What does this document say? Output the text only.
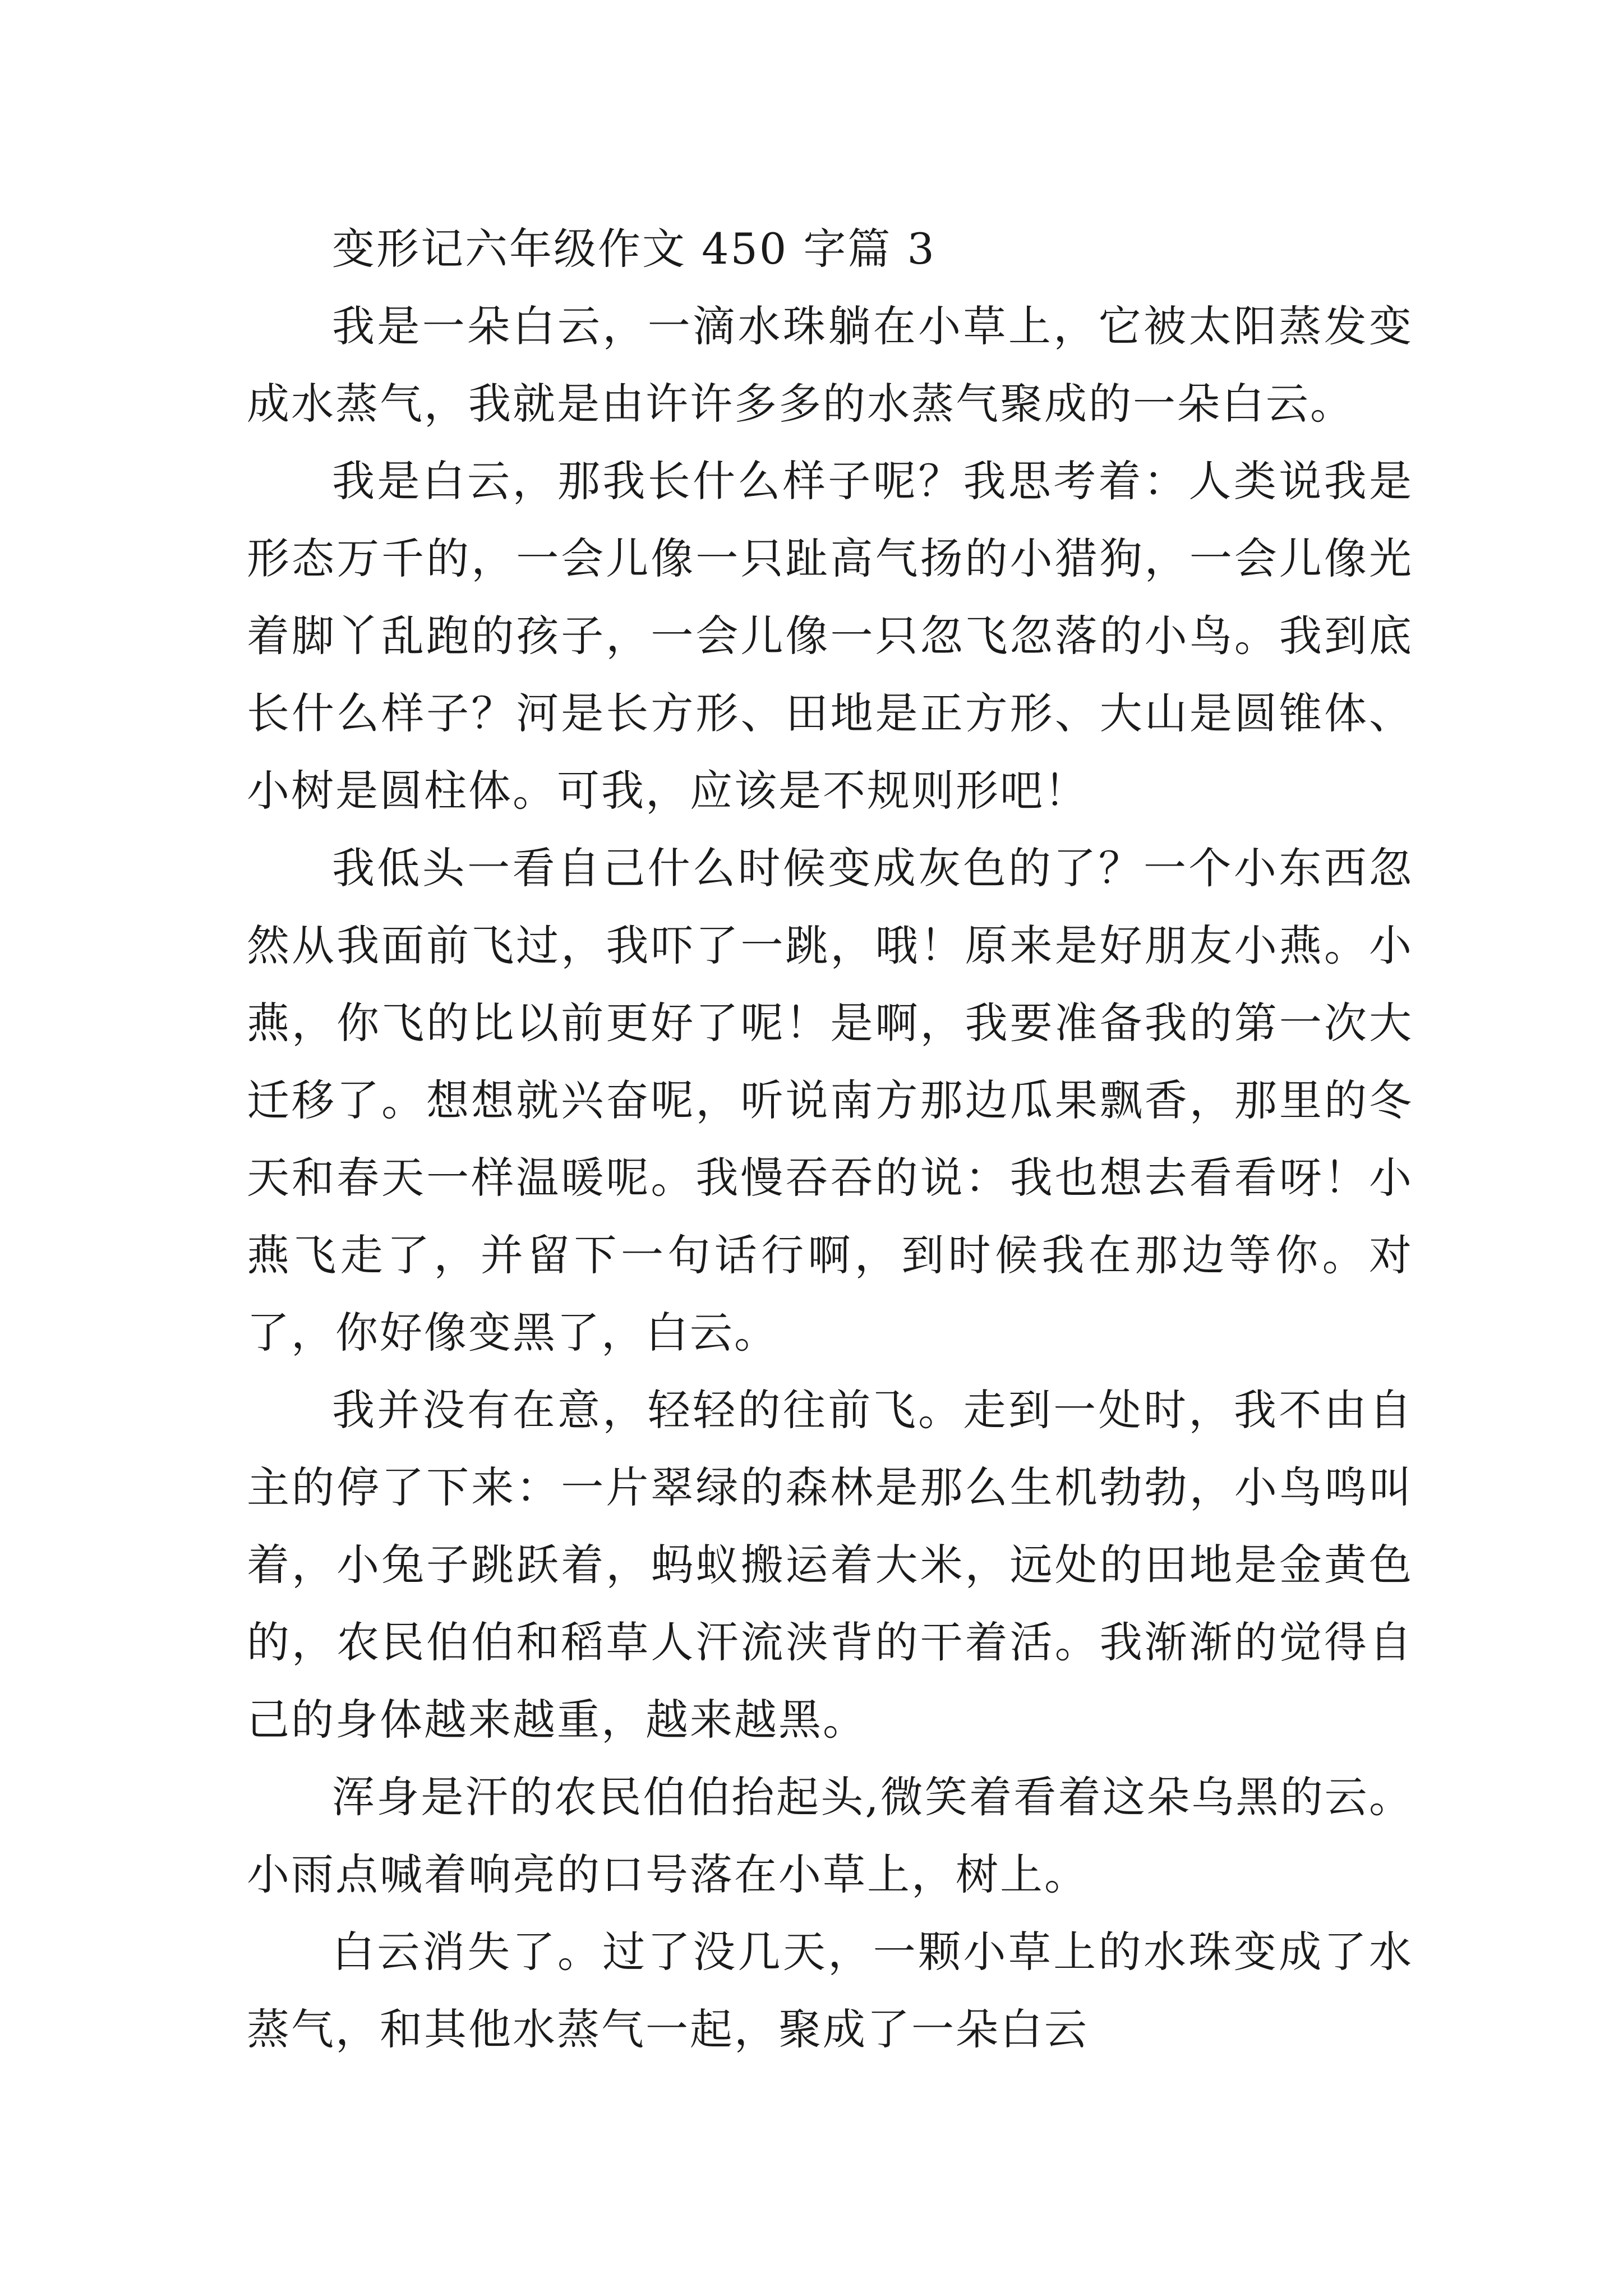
变形记六年级作文 450 字篇 3

我是一朵白云，一滴水珠躺在小草上，它被太阳蒸发变成水蒸气，我就是由许许多多的水蒸气聚成的一朵白云。

我是白云，那我长什么样子呢？我思考着：人类说我是形态万千的，一会儿像一只趾高气扬的小猎狗，一会儿像光着脚丫乱跑的孩子，一会儿像一只忽飞忽落的小鸟。我到底长什么样子？河是长方形、田地是正方形、大山是圆锥体、小树是圆柱体。可我，应该是不规则形吧！

我低头一看自己什么时候变成灰色的了？一个小东西忽然从我面前飞过，我吓了一跳，哦！原来是好朋友小燕。小燕，你飞的比以前更好了呢！是啊，我要准备我的第一次大迁移了。想想就兴奋呢，听说南方那边瓜果飘香，那里的冬天和春天一样温暖呢。我慢吞吞的说：我也想去看看呀！小燕飞走了，并留下一句话行啊，到时候我在那边等你。对了，你好像变黑了，白云。

我并没有在意，轻轻的往前飞。走到一处时，我不由自主的停了下来：一片翠绿的森林是那么生机勃勃，小鸟鸣叫着，小兔子跳跃着，蚂蚁搬运着大米，远处的田地是金黄色的，农民伯伯和稻草人汗流浃背的干着活。我渐渐的觉得自己的身体越来越重，越来越黑。

浑身是汗的农民伯伯抬起头,微笑着看着这朵乌黑的云。小雨点喊着响亮的口号落在小草上，树上。

白云消失了。过了没几天，一颗小草上的水珠变成了水蒸气，和其他水蒸气一起，聚成了一朵白云
